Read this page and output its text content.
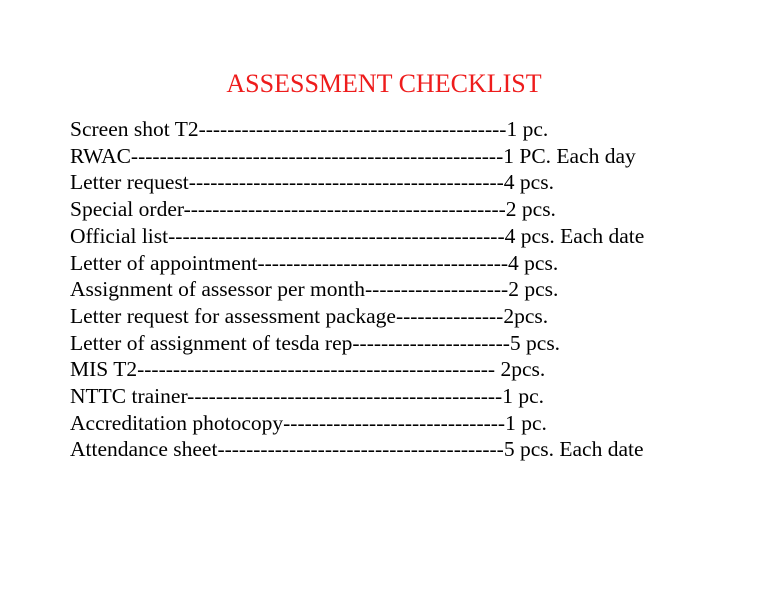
ASSESSMENT CHECKLIST
Screen shot T2-------------------------------------------1 pc.
RWAC----------------------------------------------------1 PC. Each day
Letter request--------------------------------------------4 pcs.
Special order---------------------------------------------2 pcs.
Official list-----------------------------------------------4 pcs. Each date
Letter of appointment-----------------------------------4 pcs.
Assignment of assessor per month--------------------2 pcs.
Letter request for assessment package---------------2pcs.
Letter of assignment of tesda rep----------------------5 pcs.
MIS T2-------------------------------------------------- 2pcs.
NTTC trainer--------------------------------------------1 pc.
Accreditation photocopy-------------------------------1 pc.
Attendance sheet----------------------------------------5 pcs. Each date
